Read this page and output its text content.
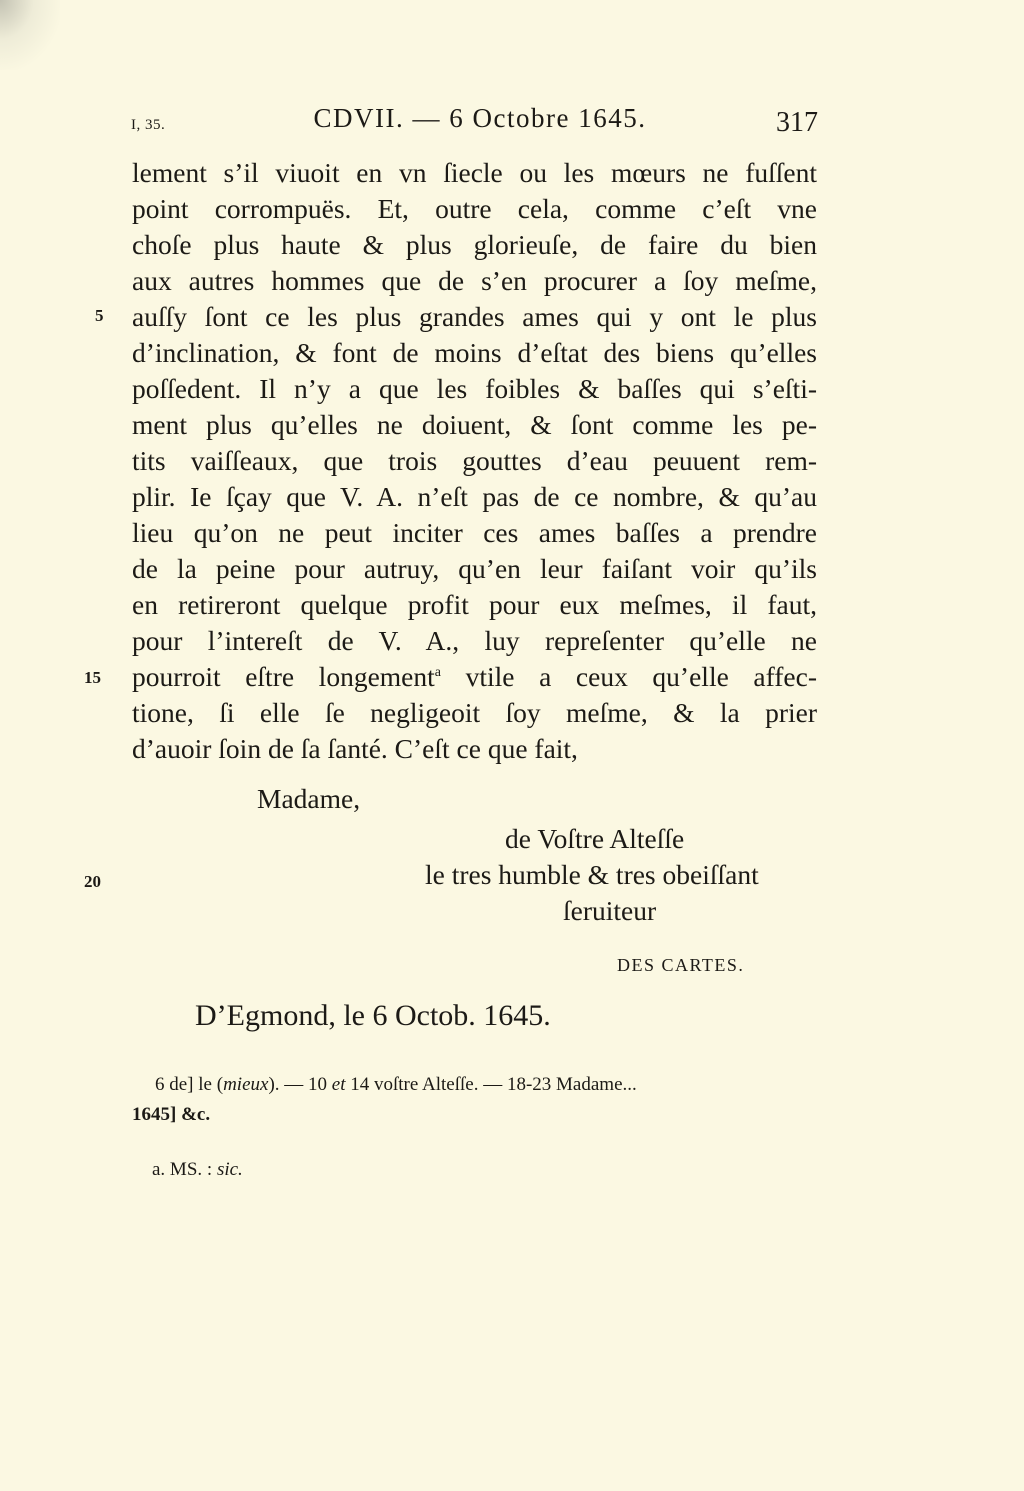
I, 35.	CDVII. — 6 Octobre 1645.	317
lement s’il viuoit en vn ſiecle ou les mœurs ne fuſſent
point corrompuës. Et, outre cela, comme c’eſt vne
choſe plus haute & plus glorieuſe, de faire du bien
aux autres hommes que de s’en procurer a ſoy meſme,
auſſy ſont ce les plus grandes ames qui y ont le plus
d’inclination, & font de moins d’eſtat des biens qu’elles
poſſedent. Il n’y a que les foibles & baſſes qui s’eſti-
ment plus qu’elles ne doiuent, & ſont comme les pe-
tits vaiſſeaux, que trois gouttes d’eau peuuent rem-
plir. Ie ſçay que V. A. n’eſt pas de ce nombre, & qu’au
lieu qu’on ne peut inciter ces ames baſſes a prendre
de la peine pour autruy, qu’en leur faiſant voir qu’ils
en retireront quelque profit pour eux meſmes, il faut,
pour l’intereſt de V. A., luy repreſenter qu’elle ne
pourroit eſtre longement$^a$ vtile a ceux qu’elle affec-
tione, ſi elle ſe negligeoit ſoy meſme, & la prier
d’auoir ſoin de ſa ſanté. C’eſt ce que fait,
5
15
20
Madame,
de Voſtre Alteſſe
le tres humble & tres obeiſſant
ſeruiteur
DES CARTES.
D’Egmond, le 6 Octob. 1645.
6 de] le (mieux). — 10 et 14 voſtre Alteſſe. — 18-23 Madame...
1645] &c.
a. MS. : sic.
